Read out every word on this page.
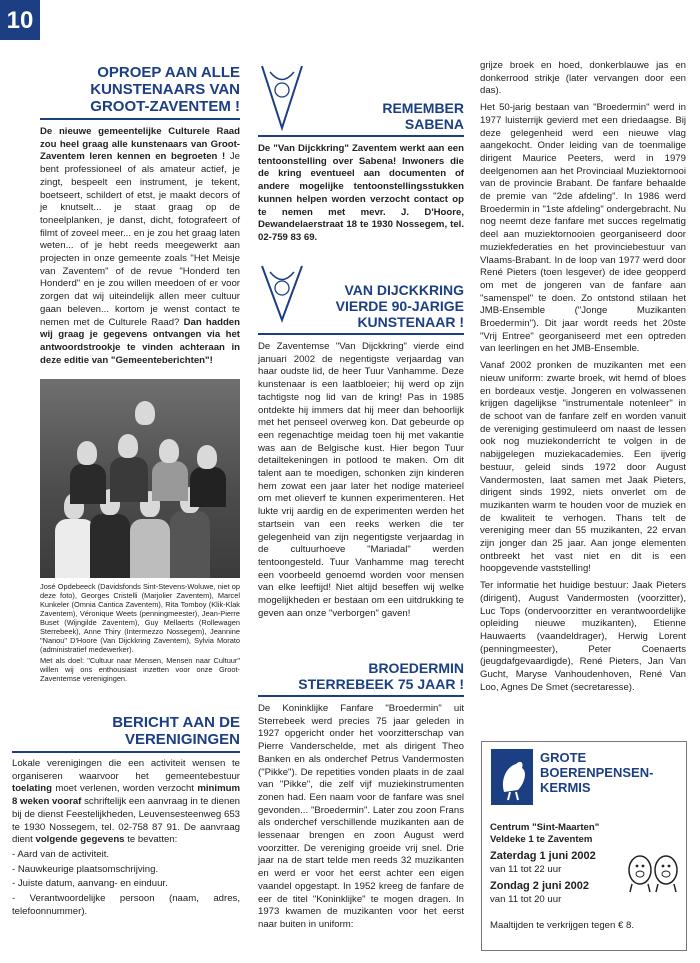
10
OPROEP AAN ALLE
KUNSTENAARS VAN
GROOT-ZAVENTEM !
De nieuwe gemeentelijke Culturele Raad zou heel graag alle kunstenaars van Groot-Zaventem leren kennen en begroeten ! Je bent professioneel of als amateur actief, je zingt, bespeelt een instrument, je tekent, boetseert, schildert of etst, je maakt decors of je knutselt... je staat graag op de toneelplanken, je danst, dicht, fotografeert of filmt of zoveel meer... en je zou het graag laten weten... of je hebt reeds meegewerkt aan projecten in onze gemeente zoals "Het Meisje van Zaventem" of de revue "Honderd ten Honderd" en je zou willen meedoen of er voor zorgen dat wij uiteindelijk allen meer cultuur gaan beleven... kortom je wenst contact te nemen met de Culturele Raad? Dan hadden wij graag je gegevens ontvangen via het antwoordstrookje te vinden achteraan in deze editie van "Gemeenteberichten"!
José Opdebeeck (Davidsfonds Sint-Stevens-Woluwe, niet op deze foto), Georges Cristelli (Marjolier Zaventem), Marcel Kunkeler (Omnia Cantica Zaventem), Rita Tomboy (Klik-Klak Zaventem), Véronique Weets (penningmeester), Jean-Pierre Buset (Wijngilde Zaventem), Guy Mellaerts (Rollewagen Sterrebeek), Anne Thiry (Intermezzo Nossegem), Jeannine "Nanou" D'Hoore (Van Dijckkring Zaventem), Sylvia Morato (administratief medewerker).
Met als doel: "Cultuur naar Mensen, Mensen naar Cultuur" willen wij ons enthousiast inzetten voor onze Groot-Zaventemse verenigingen.
BERICHT AAN DE
VERENIGINGEN
Lokale verenigingen die een activiteit wensen te organiseren waarvoor het gemeentebestuur toelating moet verlenen, worden verzocht minimum 8 weken vooraf schriftelijk een aanvraag in te dienen bij de dienst Feestelijkheden, Leuvensesteenweg 653 te 1930 Nossegem, tel. 02-758 87 91. De aanvraag dient volgende gegevens te bevatten:
- Aard van de activiteit.
- Nauwkeurige plaatsomschrijving.
- Juiste datum, aanvang- en einduur.
- Verantwoordelijke persoon (naam, adres, telefoonnummer).
REMEMBER
SABENA
De "Van Dijckkring" Zaventem werkt aan een tentoonstelling over Sabena! Inwoners die de kring eventueel aan documenten of andere mogelijke tentoonstellingsstukken kunnen helpen worden verzocht contact op te nemen met mevr. J. D'Hoore, Dewandelaerstraat 18 te 1930 Nossegem, tel. 02-759 83 69.
VAN DIJCKKRING
VIERDE 90-JARIGE
KUNSTENAAR !
De Zaventemse "Van Dijckkring" vierde eind januari 2002 de negentigste verjaardag van haar oudste lid, de heer Tuur Vanhamme. Deze kunstenaar is een laatbloeier; hij werd op zijn tachtigste nog lid van de kring! Pas in 1985 ontdekte hij immers dat hij meer dan behoorlijk met het penseel overweg kon. Dat gebeurde op een regenachtige meidag toen hij met vakantie was aan de Belgische kust. Hier begon Tuur detailtekeningen in potlood te maken. Om dit talent aan te moedigen, schonken zijn kinderen hem zowat een jaar later het nodige materieel om met olieverf te kunnen experimenteren. Het lukte vrij aardig en de experimenten werden het startsein van een reeks werken die ter gelegenheid van zijn negentigste verjaardag in de cultuurhoeve "Mariadal" werden tentoongesteld. Tuur Vanhamme mag terecht een voorbeeld genoemd worden voor mensen van elke leeftijd! Niet altijd beseffen wij welke mogelijkheden er bestaan om een uitdrukking te geven aan onze "verborgen" gaven!
BROEDERMIN
STERREBEEK 75 JAAR !
De Koninklijke Fanfare "Broedermin" uit Sterrebeek werd precies 75 jaar geleden in 1927 opgericht onder het voorzitterschap van Pierre Vanderschelde, met als dirigent Theo Banken en als onderchef Petrus Vandermosten ("Pikke"). De repetities vonden plaats in de zaal van "Pikke", die zelf vijf muziekinstrumenten zonen had. Een naam voor de fanfare was snel gevonden... "Broedermin". Later zou zoon Frans als onderchef verschillende muzikanten aan de lessenaar brengen en zoon August werd voorzitter. De vereniging groeide vrij snel. Drie jaar na de start telde men reeds 32 muzikanten en werd er voor het eerst achter een eigen vaandel opgestapt. In 1952 kreeg de fanfare de eer de titel "Koninklijke" te mogen dragen. In 1973 kwamen de muzikanten voor het eerst naar buiten in uniform:

grijze broek en hoed, donkerblauwe jas en donkerrood strikje (later vervangen door een das).

Het 50-jarig bestaan van "Broedermin" werd in 1977 luisterrijk gevierd met een driedaagse. Bij deze gelegenheid werd een nieuwe vlag aangekocht. Onder leiding van de toenmalige dirigent Maurice Peeters, werd in 1979 deelgenomen aan het Provinciaal Muziektornooi van de provincie Brabant. De fanfare behaalde de premie van "2de afdeling". In 1986 werd Broedermin in "1ste afdeling" ondergebracht. Nu nog neemt deze fanfare met succes regelmatig deel aan muziektornooien georganiseerd door muziekfederaties en het provinciebestuur van Vlaams-Brabant. In de loop van 1977 werd door René Pieters (toen lesgever) de idee geopperd om met de jongeren van de fanfare aan "samenspel" te doen. Zo ontstond stilaan het JMB-Ensemble ("Jonge Muzikanten Broedermin"). Dit jaar wordt reeds het 20ste "Vrij Entree" georganiseerd met een optreden van leerlingen en het JMB-Ensemble.

Vanaf 2002 pronken de muzikanten met een nieuw uniform: zwarte broek, wit hemd of bloes en bordeaux vestje. Jongeren en volwassenen krijgen dagelijkse "instrumentale notenleer" in de schoot van de fanfare zelf en worden vanuit de vereniging gestimuleerd om naast de lessen ook nog muziekonderricht te volgen in de nabijgelegen muziekacademies. Een ijverig bestuur, geleid sinds 1972 door August Vandermosten, laat samen met Jaak Pieters, dirigent sinds 1992, niets onverlet om de muzikanten warm te houden voor de muziek en de kwaliteit te verhogen. Thans telt de vereniging meer dan 55 muzikanten, 22 ervan zijn jonger dan 25 jaar. Aan jonge elementen ontbreekt het vast niet en dit is een hoopgevende vaststelling!

Ter informatie het huidige bestuur: Jaak Pieters (dirigent), August Vandermosten (voorzitter), Luc Tops (ondervoorzitter en verantwoordelijke opleiding nieuwe muzikanten), Etienne Hauwaerts (vaandeldrager), Herwig Lorent (penningmeester), Peter Coenaerts (jeugdafgevaardigde), René Pieters, Jan Van Gucht, Maryse Vanhoudenhoven, René Van Loo, Agnes De Smet (secretaresse).

GROTE
BOERENPENSEN-
KERMIS
Centrum "Sint-Maarten"
Veldeke 1 te Zaventem
Zaterdag 1 juni 2002
van 11 tot 22 uur
Zondag 2 juni 2002
van 11 tot 20 uur
Maaltijden te verkrijgen tegen € 8.
